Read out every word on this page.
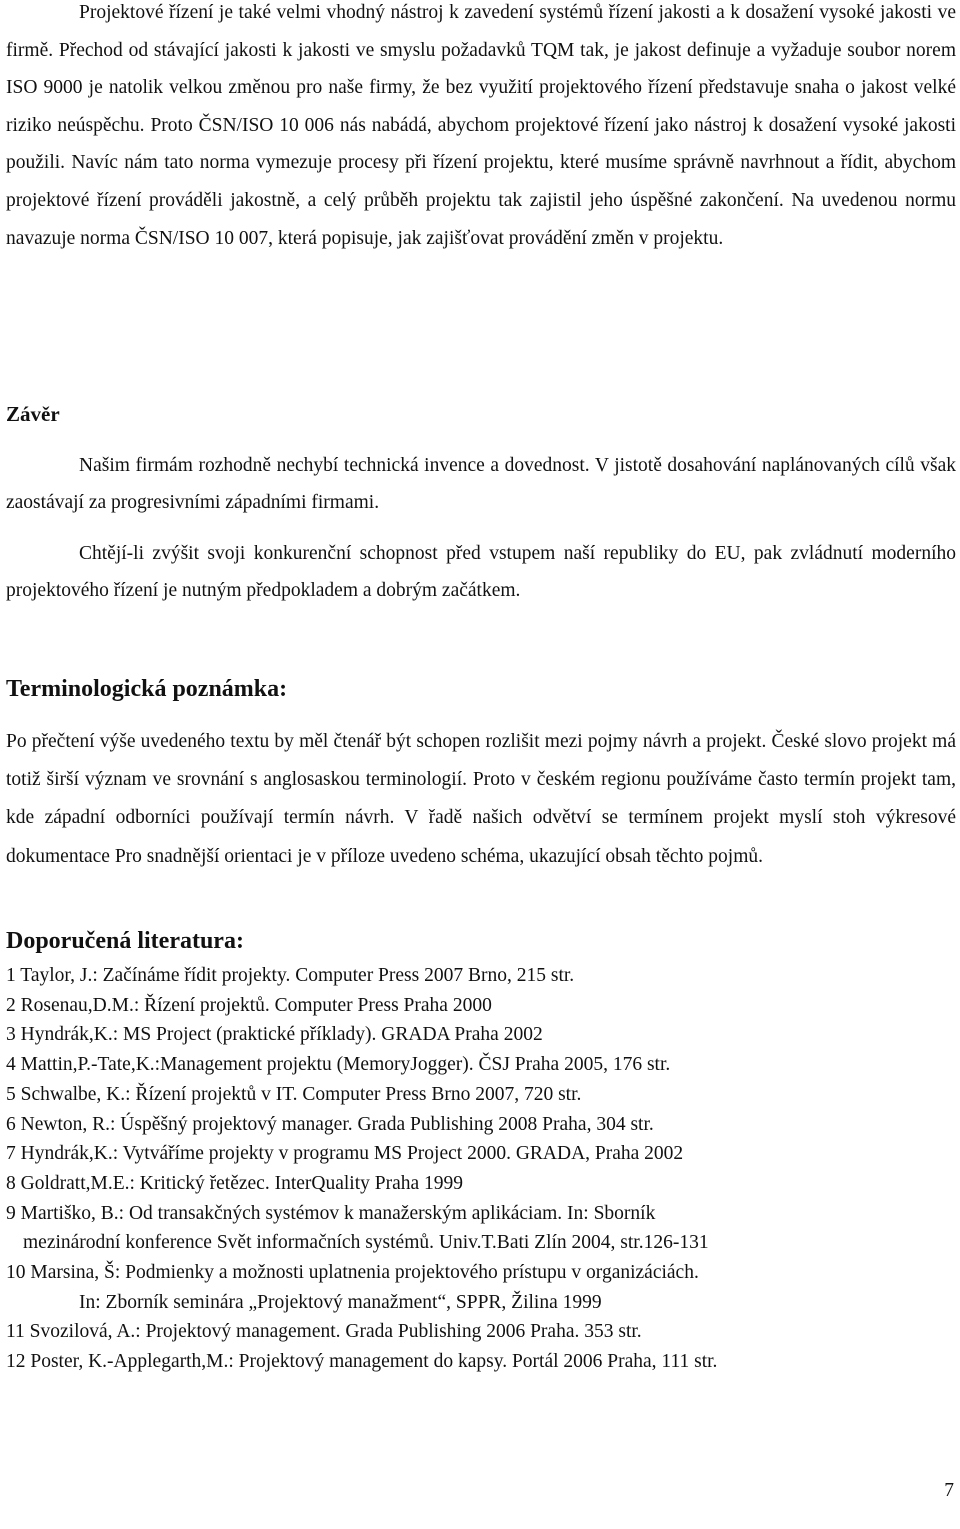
Projektové řízení je také velmi vhodný nástroj k zavedení systémů řízení jakosti a k dosažení vysoké jakosti ve firmě. Přechod od stávající jakosti k jakosti ve smyslu požadavků TQM tak, je jakost definuje a vyžaduje soubor norem ISO 9000 je natolik velkou změnou pro naše firmy, že bez využití projektového řízení představuje snaha o jakost velké riziko neúspěchu. Proto ČSN/ISO 10 006 nás nabádá, abychom projektové řízení jako nástroj k dosažení vysoké jakosti použili. Navíc nám tato norma vymezuje procesy při řízení projektu, které musíme správně navrhnout a řídit, abychom projektové řízení prováděli jakostně, a celý průběh projektu tak zajistil jeho úspěšné zakončení. Na uvedenou normu navazuje norma ČSN/ISO 10 007, která popisuje, jak zajišťovat provádění změn v projektu.

Závěr

Našim firmám rozhodně nechybí technická invence a dovednost. V jistotě dosahování naplánovaných cílů však zaostávají za progresivními západními firmami.

Chtějí-li zvýšit svoji konkurenční schopnost před vstupem naší republiky do EU, pak zvládnutí moderního projektového řízení je nutným předpokladem a dobrým začátkem.

Terminologická poznámka:

Po přečtení výše uvedeného textu by měl čtenář být schopen rozlišit mezi pojmy návrh a projekt. České slovo projekt má totiž širší význam ve srovnání s anglosaskou terminologií. Proto v českém regionu používáme často termín projekt tam, kde západní odborníci používají termín návrh. V řadě našich odvětví se termínem projekt myslí stoh výkresové dokumentace Pro snadnější orientaci je v příloze uvedeno schéma, ukazující obsah těchto pojmů.

Doporučená literatura:
1 Taylor, J.: Začínáme řídit projekty. Computer Press 2007 Brno, 215 str.
2 Rosenau,D.M.: Řízení projektů. Computer Press Praha 2000
3 Hyndrák,K.: MS Project (praktické příklady). GRADA Praha 2002
4 Mattin,P.-Tate,K.:Management projektu (MemoryJogger). ČSJ Praha 2005, 176 str.
5 Schwalbe, K.: Řízení projektů v IT. Computer Press Brno 2007, 720 str.
6 Newton, R.: Úspěšný projektový manager. Grada Publishing 2008 Praha, 304 str.
7 Hyndrák,K.: Vytváříme projekty v programu MS Project 2000. GRADA, Praha 2002
8 Goldratt,M.E.: Kritický řetězec. InterQuality Praha 1999
9 Martiško, B.: Od transakčných systémov k manažerským aplikáciam. In: Sborník
mezinárodní konference Svět informačních systémů. Univ.T.Bati Zlín 2004, str.126-131
10 Marsina, Š: Podmienky a možnosti uplatnenia projektového prístupu v organizáciách.
In: Zborník seminára „Projektový manažment“, SPPR, Žilina 1999
11 Svozilová, A.: Projektový management. Grada Publishing 2006 Praha. 353 str.
12 Poster, K.-Applegarth,M.: Projektový management do kapsy. Portál 2006 Praha, 111 str.

7
